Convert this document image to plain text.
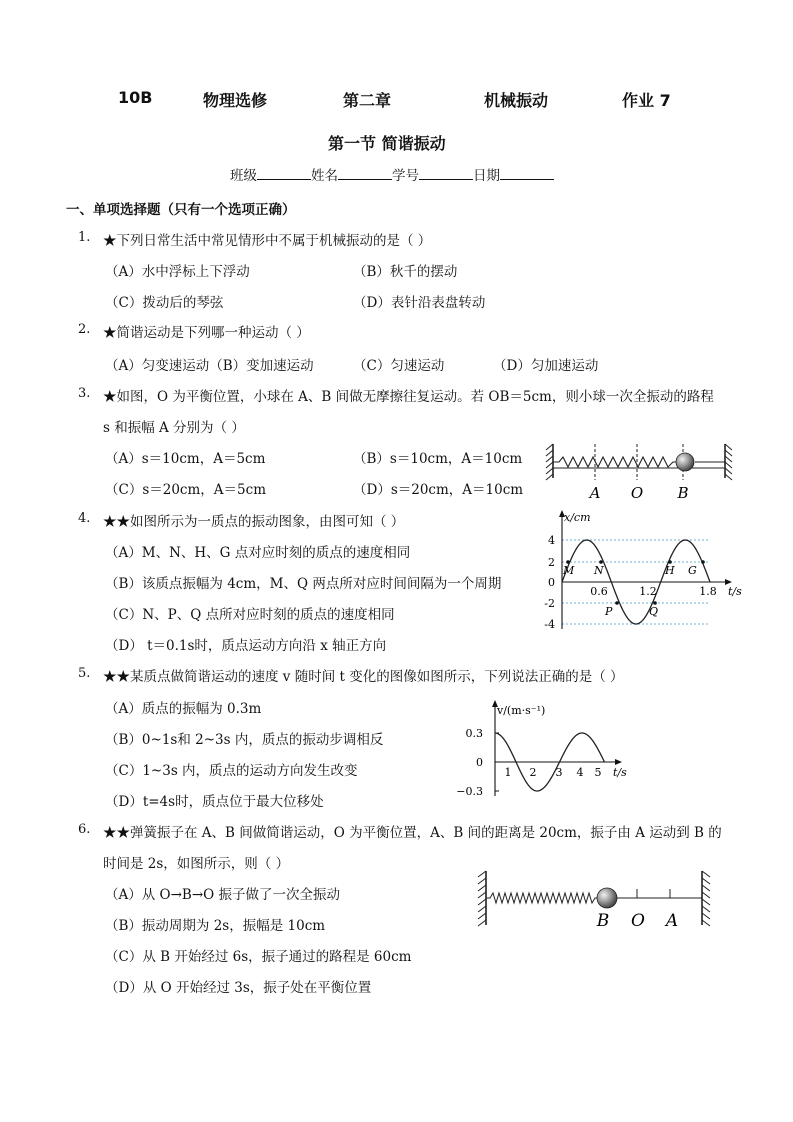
10B	物理选修	第二章	机械振动	作业 7
第一节 简谐振动
班级	姓名	学号	日期
一、单项选择题（只有一个选项正确）
1. ★下列日常生活中常见情形中不属于机械振动的是（ ）
（A）水中浮标上下浮动	（B）秋千的摆动
（C）拨动后的琴弦	（D）表针沿表盘转动
2. ★简谐运动是下列哪一种运动（ ）
（A）匀变速运动（B）变加速运动	（C）匀速运动	（D）匀加速运动
3. ★如图，O 为平衡位置，小球在 A、B 间做无摩擦往复运动。若 OB＝5cm，则小球一次全振动的路程
s 和振幅 A 分别为（ ）
（A）s＝10cm，A＝5cm	（B）s＝10cm，A＝10cm
（C）s＝20cm，A＝5cm	（D）s＝20cm，A＝10cm	A O B
4. ★★如图所示为一质点的振动图象，由图可知（ ）
（A）M、N、H、G 点对应时刻的质点的速度相同
（B）该质点振幅为 4cm，M、Q 两点所对应时间间隔为一个周期
（C）N、P、Q 点所对应时刻的质点的速度相同
（D） t＝0.1s时，质点运动方向沿 x 轴正方向
x/cm
t/s
4
2
0
-2
-4
0.6	1.2	1.8
M N
P	Q
H G
5. ★★某质点做简谐运动的速度 v 随时间 t 变化的图像如图所示，下列说法正确的是（ ）
（A）质点的振幅为 0.3m
（B）0~1s和 2~3s 内，质点的振动步调相反
（C）1~3s 内，质点的运动方向发生改变
（D）t=4s时，质点位于最大位移处
v/(m·s⁻¹)
t/s
0.3
0
−0.3
1 2 3 4 5
6. ★★弹簧振子在 A、B 间做简谐运动，O 为平衡位置，A、B 间的距离是 20cm，振子由 A 运动到 B 的
时间是 2s，如图所示，则（ ）
（A）从 O→B→O 振子做了一次全振动
（B）振动周期为 2s，振幅是 10cm
（C）从 B 开始经过 6s，振子通过的路程是 60cm
（D）从 O 开始经过 3s，振子处在平衡位置
B O A
